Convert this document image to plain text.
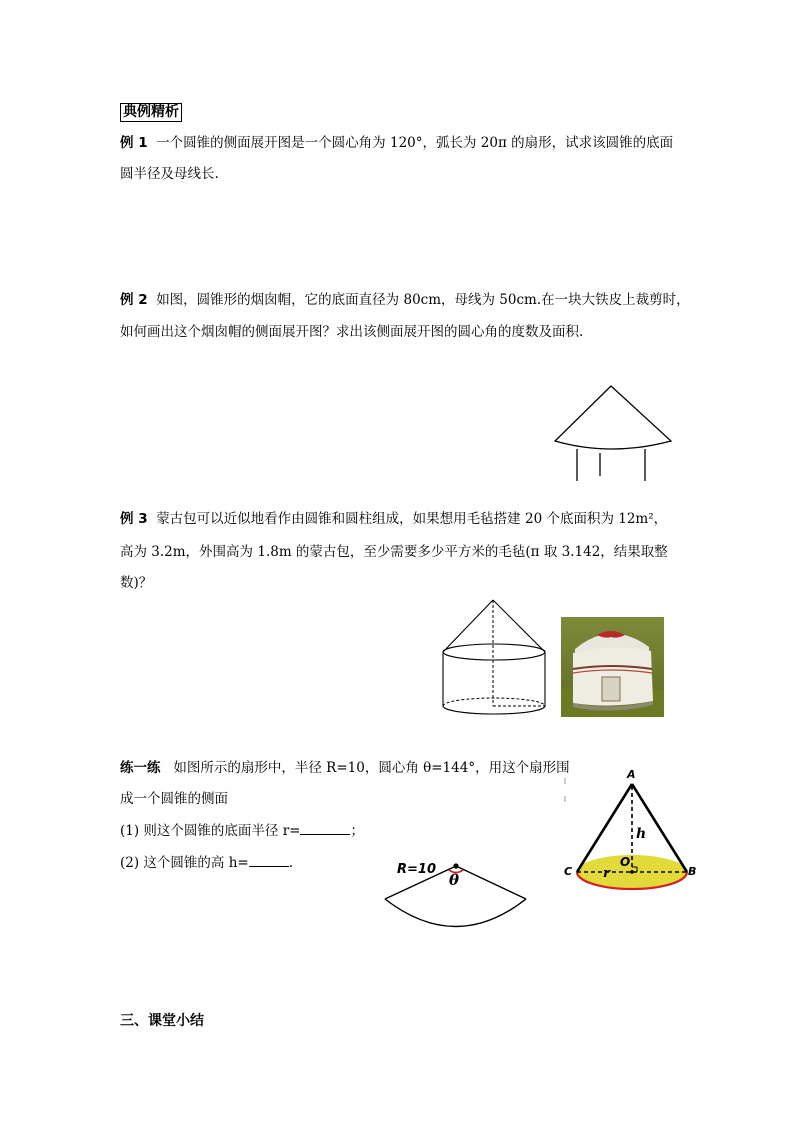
典例精析
例 1 一个圆锥的侧面展开图是一个圆心角为 120°，弧长为 20π 的扇形，试求该圆锥的底面
圆半径及母线长.
例 2 如图，圆锥形的烟囱帽，它的底面直径为 80cm，母线为 50cm.在一块大铁皮上裁剪时，
如何画出这个烟囱帽的侧面展开图？求出该侧面展开图的圆心角的度数及面积.
例 3 蒙古包可以近似地看作由圆锥和圆柱组成，如果想用毛毡搭建 20 个底面积为 12m²，
高为 3.2m，外围高为 1.8m 的蒙古包，至少需要多少平方米的毛毡(π 取 3.142，结果取整
数)？
练一练 如图所示的扇形中，半径 R=10，圆心角 θ=144°，用这个扇形围
成一个圆锥的侧面
(1) 则这个圆锥的底面半径 r=	；
(2) 这个圆锥的高 h=	.	R=10
θ
A
C	B
O
h
r
三、课堂小结
